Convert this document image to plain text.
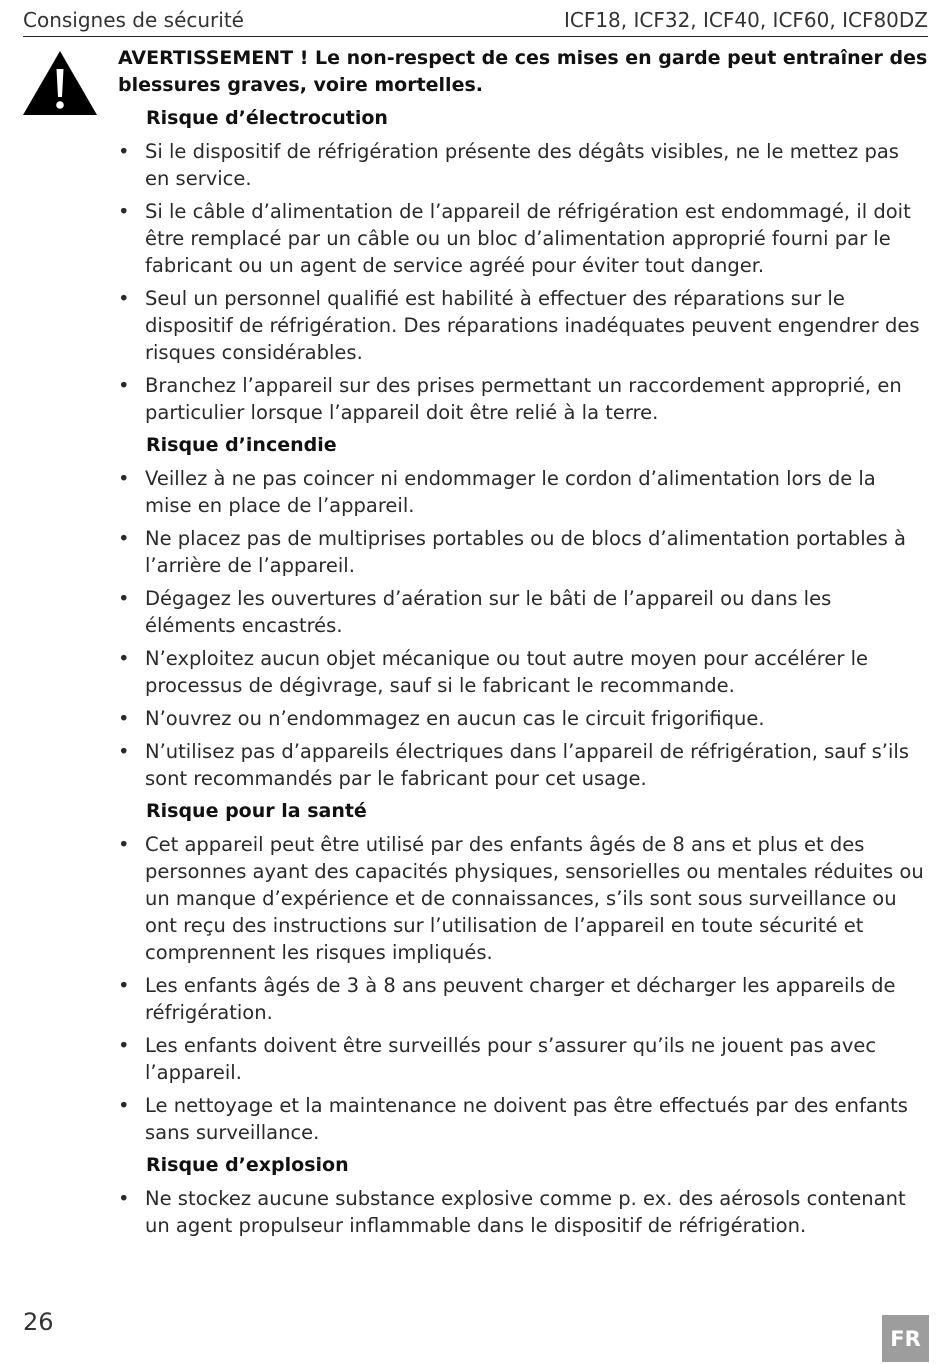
Consignes de sécurité	ICF18, ICF32, ICF40, ICF60, ICF80DZ

AVERTISSEMENT ! Le non-respect de ces mises en garde peut entraîner des blessures graves, voire mortelles.

Risque d’électrocution
• Si le dispositif de réfrigération présente des dégâts visibles, ne le mettez pas en service.
• Si le câble d’alimentation de l’appareil de réfrigération est endommagé, il doit être remplacé par un câble ou un bloc d’alimentation approprié fourni par le fabricant ou un agent de service agréé pour éviter tout danger.
• Seul un personnel qualifié est habilité à effectuer des réparations sur le dispositif de réfrigération. Des réparations inadéquates peuvent engendrer des risques considérables.
• Branchez l’appareil sur des prises permettant un raccordement approprié, en particulier lorsque l’appareil doit être relié à la terre.
Risque d’incendie
• Veillez à ne pas coincer ni endommager le cordon d’alimentation lors de la mise en place de l’appareil.
• Ne placez pas de multiprises portables ou de blocs d’alimentation portables à l’arrière de l’appareil.
• Dégagez les ouvertures d’aération sur le bâti de l’appareil ou dans les éléments encastrés.
• N’exploitez aucun objet mécanique ou tout autre moyen pour accélérer le processus de dégivrage, sauf si le fabricant le recommande.
• N’ouvrez ou n’endommagez en aucun cas le circuit frigorifique.
• N’utilisez pas d’appareils électriques dans l’appareil de réfrigération, sauf s’ils sont recommandés par le fabricant pour cet usage.
Risque pour la santé
• Cet appareil peut être utilisé par des enfants âgés de 8 ans et plus et des personnes ayant des capacités physiques, sensorielles ou mentales réduites ou un manque d’expérience et de connaissances, s’ils sont sous surveillance ou ont reçu des instructions sur l’utilisation de l’appareil en toute sécurité et comprennent les risques impliqués.
• Les enfants âgés de 3 à 8 ans peuvent charger et décharger les appareils de réfrigération.
• Les enfants doivent être surveillés pour s’assurer qu’ils ne jouent pas avec l’appareil.
• Le nettoyage et la maintenance ne doivent pas être effectués par des enfants sans surveillance.
Risque d’explosion
• Ne stockez aucune substance explosive comme p. ex. des aérosols contenant un agent propulseur inflammable dans le dispositif de réfrigération.
26
FR
